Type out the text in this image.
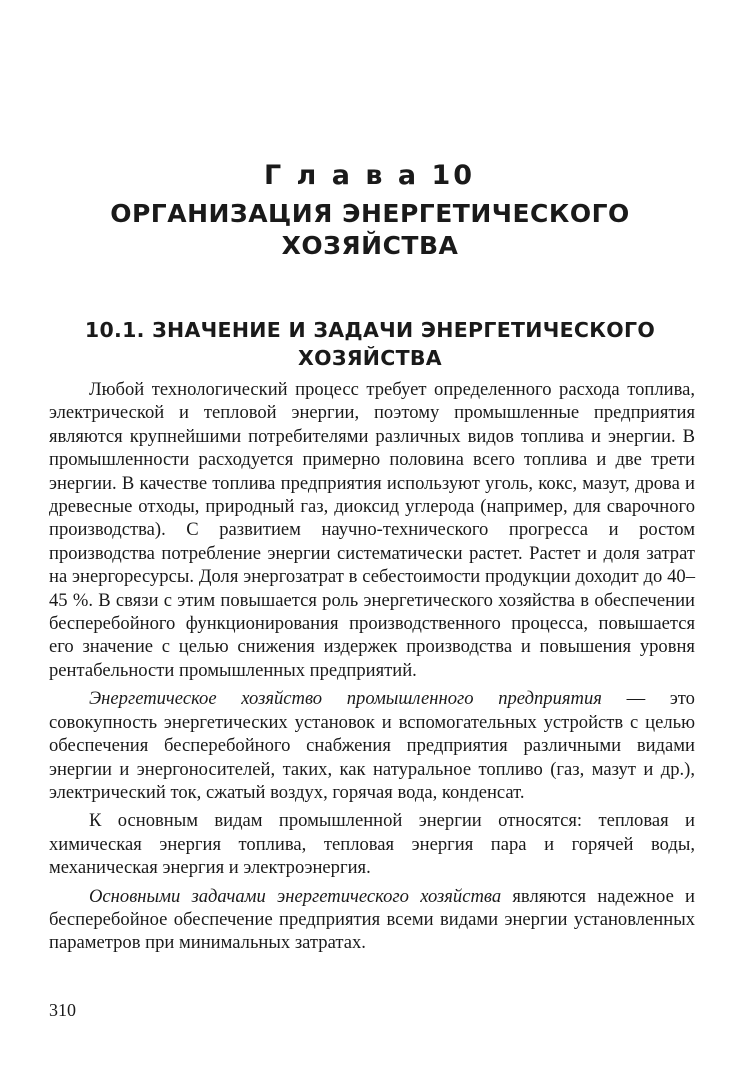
Г л а в а 10
ОРГАНИЗАЦИЯ ЭНЕРГЕТИЧЕСКОГО ХОЗЯЙСТВА
10.1. ЗНАЧЕНИЕ И ЗАДАЧИ ЭНЕРГЕТИЧЕСКОГО ХОЗЯЙСТВА

Любой технологический процесс требует определенного расхода топлива, электрической и тепловой энергии, поэтому промышленные предприятия являются крупнейшими потребителями различных видов топлива и энергии. В промышленности расходуется примерно половина всего топлива и две трети энергии. В качестве топлива предприятия используют уголь, кокс, мазут, дрова и древесные отходы, природный газ, диоксид углерода (например, для сварочного производства). С развитием научно-технического прогресса и ростом производства потребление энергии систематически растет. Растет и доля затрат на энергоресурсы. Доля энергозатрат в себестоимости продукции доходит до 40–45 %. В связи с этим повышается роль энергетического хозяйства в обеспечении бесперебойного функционирования производственного процесса, повышается его значение с целью снижения издержек производства и повышения уровня рентабельности промышленных предприятий.

Энергетическое хозяйство промышленного предприятия — это совокупность энергетических установок и вспомогательных устройств с целью обеспечения бесперебойного снабжения предприятия различными видами энергии и энергоносителей, таких, как натуральное топливо (газ, мазут и др.), электрический ток, сжатый воздух, горячая вода, конденсат.

К основным видам промышленной энергии относятся: тепловая и химическая энергия топлива, тепловая энергия пара и горячей воды, механическая энергия и электроэнергия.

Основными задачами энергетического хозяйства являются надежное и бесперебойное обеспечение предприятия всеми видами энергии установленных параметров при минимальных затратах.

310
